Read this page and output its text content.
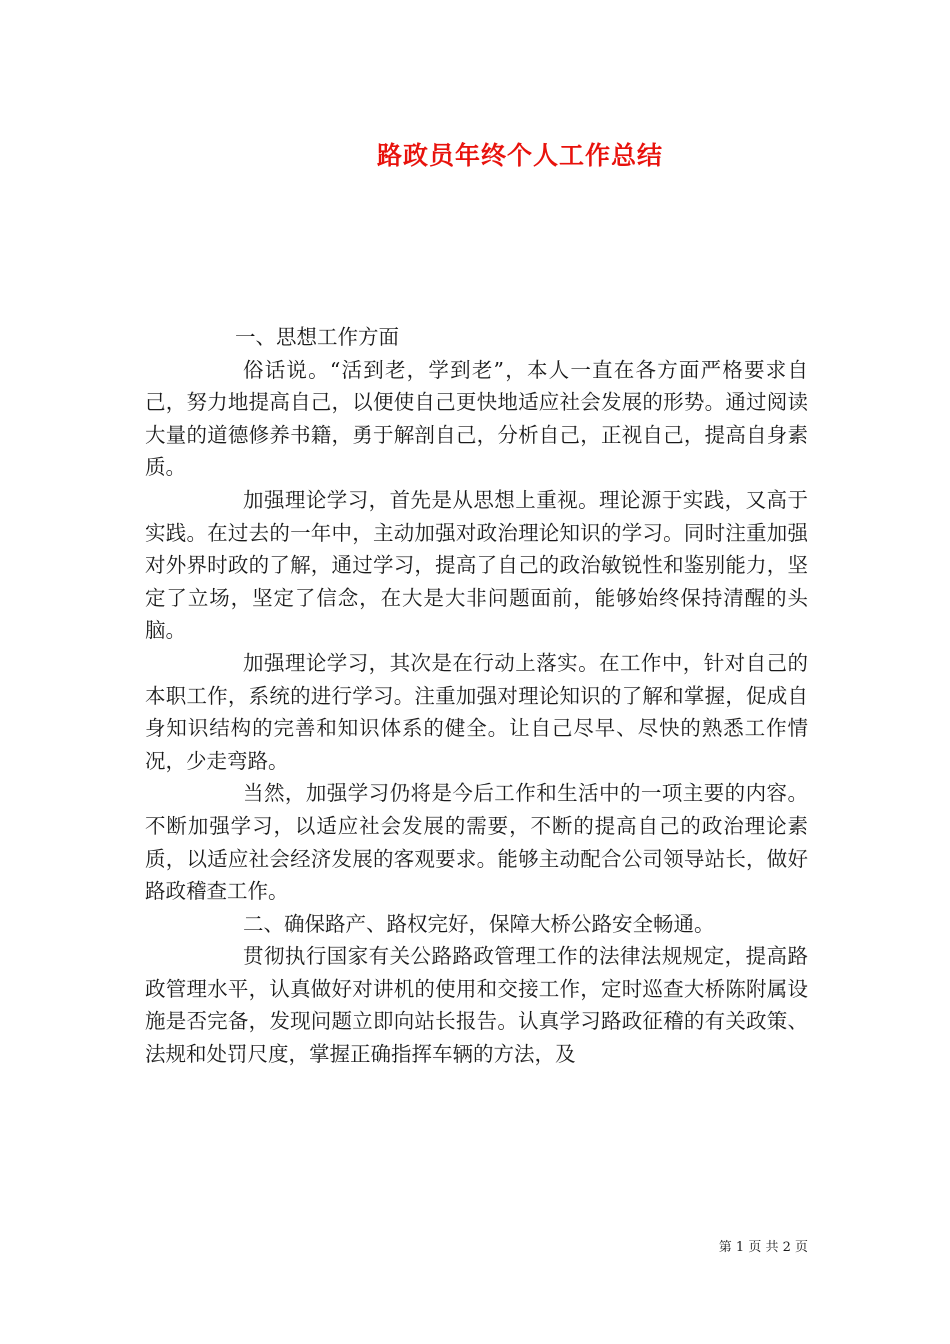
路政员年终个人工作总结

一、思想工作方面

俗话说。“活到老，学到老”，本人一直在各方面严格要求自己，努力地提高自己，以便使自己更快地适应社会发展的形势。通过阅读大量的道德修养书籍，勇于解剖自己，分析自己，正视自己，提高自身素质。

加强理论学习，首先是从思想上重视。理论源于实践，又高于实践。在过去的一年中，主动加强对政治理论知识的学习。同时注重加强对外界时政的了解，通过学习，提高了自己的政治敏锐性和鉴别能力，坚定了立场，坚定了信念，在大是大非问题面前，能够始终保持清醒的头脑。

加强理论学习，其次是在行动上落实。在工作中，针对自己的本职工作，系统的进行学习。注重加强对理论知识的了解和掌握，促成自身知识结构的完善和知识体系的健全。让自己尽早、尽快的熟悉工作情况，少走弯路。

当然，加强学习仍将是今后工作和生活中的一项主要的内容。不断加强学习，以适应社会发展的需要，不断的提高自己的政治理论素质，以适应社会经济发展的客观要求。能够主动配合公司领导站长，做好路政稽查工作。

二、确保路产、路权完好，保障大桥公路安全畅通。

贯彻执行国家有关公路路政管理工作的法律法规规定，提高路政管理水平，认真做好对讲机的使用和交接工作，定时巡查大桥陈附属设施是否完备，发现问题立即向站长报告。认真学习路政征稽的有关政策、法规和处罚尺度，掌握正确指挥车辆的方法，及

第 1 页 共 2 页
